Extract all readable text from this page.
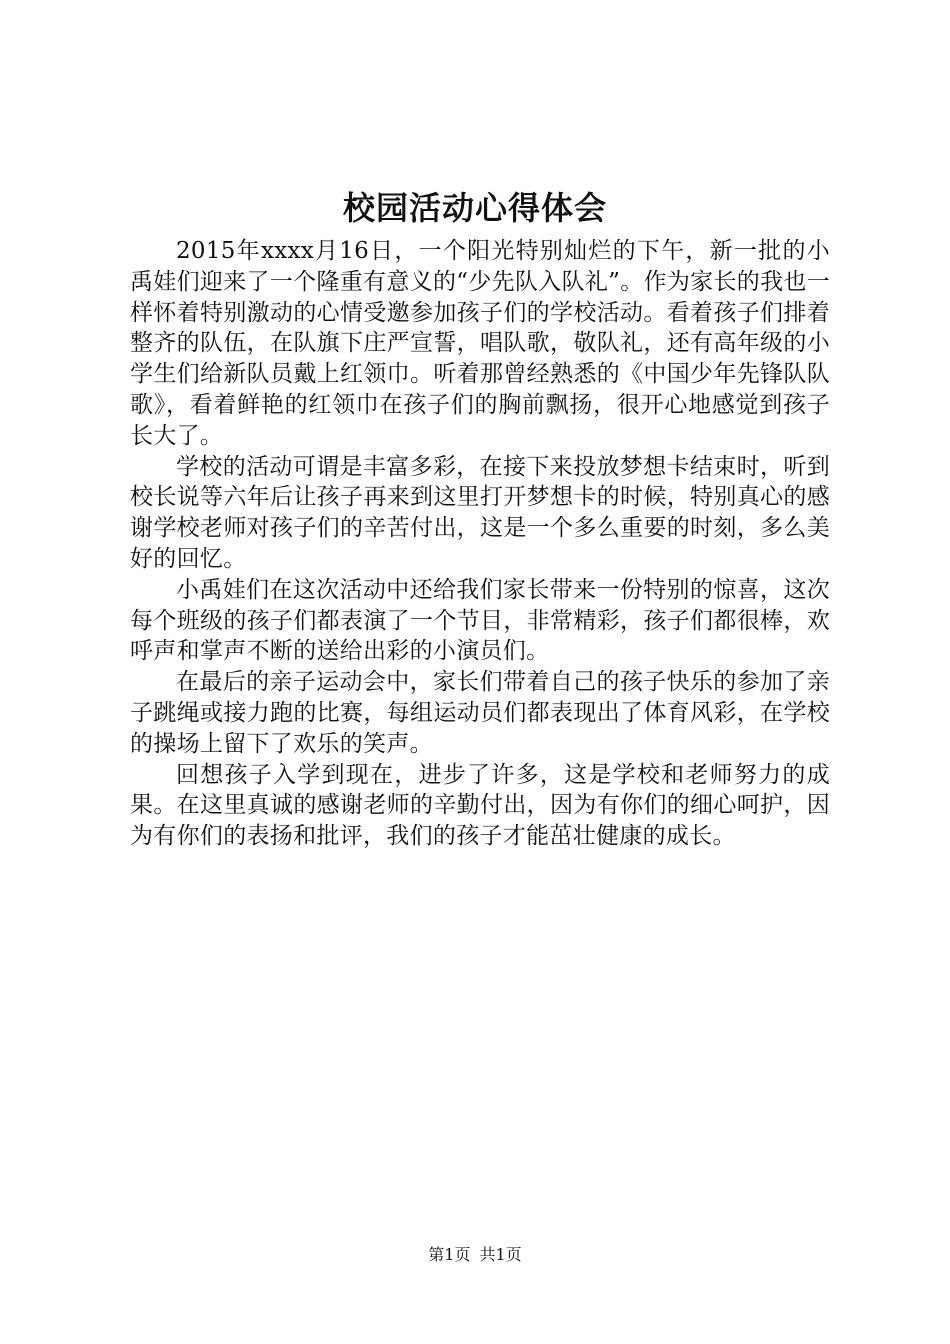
校园活动心得体会

2015年xxxx月16日，一个阳光特别灿烂的下午，新一批的小禹娃们迎来了一个隆重有意义的“少先队入队礼”。作为家长的我也一样怀着特别激动的心情受邀参加孩子们的学校活动。看着孩子们排着整齐的队伍，在队旗下庄严宣誓，唱队歌，敬队礼，还有高年级的小学生们给新队员戴上红领巾。听着那曾经熟悉的《中国少年先锋队队歌》，看着鲜艳的红领巾在孩子们的胸前飘扬，很开心地感觉到孩子长大了。

学校的活动可谓是丰富多彩，在接下来投放梦想卡结束时，听到校长说等六年后让孩子再来到这里打开梦想卡的时候，特别真心的感谢学校老师对孩子们的辛苦付出，这是一个多么重要的时刻，多么美好的回忆。

小禹娃们在这次活动中还给我们家长带来一份特别的惊喜，这次每个班级的孩子们都表演了一个节目，非常精彩，孩子们都很棒，欢呼声和掌声不断的送给出彩的小演员们。

在最后的亲子运动会中，家长们带着自己的孩子快乐的参加了亲子跳绳或接力跑的比赛，每组运动员们都表现出了体育风彩，在学校的操场上留下了欢乐的笑声。

回想孩子入学到现在，进步了许多，这是学校和老师努力的成果。在这里真诚的感谢老师的辛勤付出，因为有你们的细心呵护，因为有你们的表扬和批评，我们的孩子才能茁壮健康的成长。

第1页 共1页
